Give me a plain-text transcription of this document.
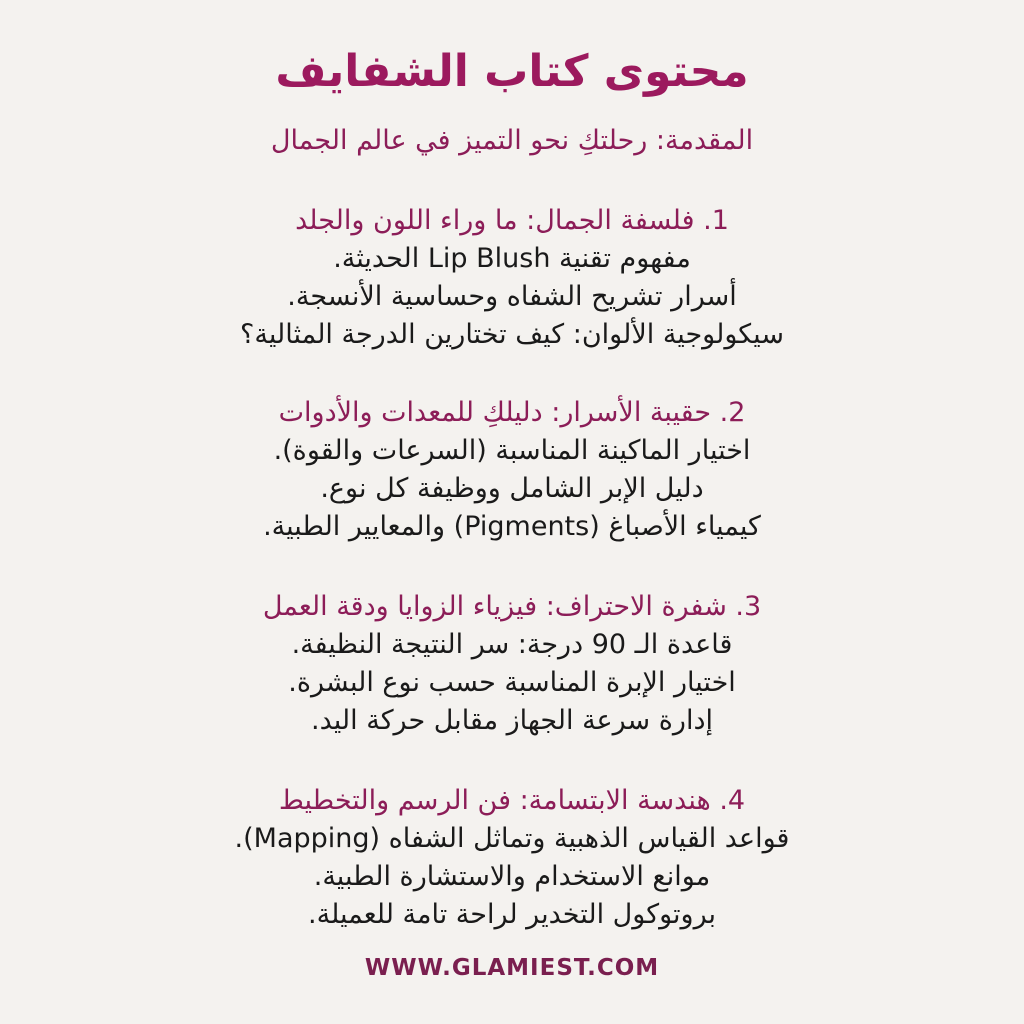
محتوى كتاب الشفايف
المقدمة: رحلتكِ نحو التميز في عالم الجمال
1. فلسفة الجمال: ما وراء اللون والجلد
مفهوم تقنية Lip Blush الحديثة.
أسرار تشريح الشفاه وحساسية الأنسجة.
سيكولوجية الألوان: كيف تختارين الدرجة المثالية؟
2. حقيبة الأسرار: دليلكِ للمعدات والأدوات
اختيار الماكينة المناسبة (السرعات والقوة).
دليل الإبر الشامل ووظيفة كل نوع.
كيمياء الأصباغ (Pigments) والمعايير الطبية.
3. شفرة الاحتراف: فيزياء الزوايا ودقة العمل
قاعدة الـ 90 درجة: سر النتيجة النظيفة.
اختيار الإبرة المناسبة حسب نوع البشرة.
إدارة سرعة الجهاز مقابل حركة اليد.
4. هندسة الابتسامة: فن الرسم والتخطيط
قواعد القياس الذهبية وتماثل الشفاه (Mapping).
موانع الاستخدام والاستشارة الطبية.
بروتوكول التخدير لراحة تامة للعميلة.
WWW.GLAMIEST.COM
